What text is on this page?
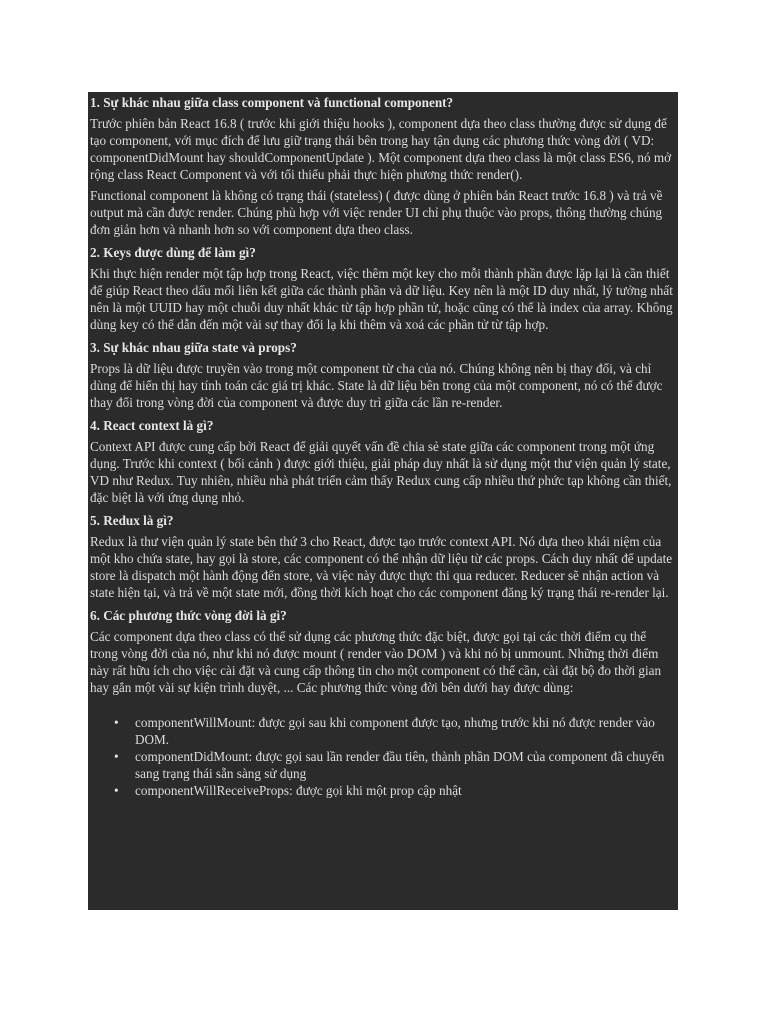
1. Sự khác nhau giữa class component và functional component?
Trước phiên bản React 16.8 ( trước khi giới thiệu hooks ), component dựa theo class thường được sử dụng để tạo component, với mục đích để lưu giữ trạng thái bên trong hay tận dụng các phương thức vòng đời ( VD: componentDidMount hay shouldComponentUpdate ). Một component dựa theo class là một class ES6, nó mở rộng class React Component và với tối thiểu phải thực hiện phương thức render().
Functional component là không có trạng thái (stateless) ( được dùng ở phiên bản React trước 16.8 ) và trả về output mà cần được render. Chúng phù hợp với việc render UI chỉ phụ thuộc vào props, thông thường chúng đơn giản hơn và nhanh hơn so với component dựa theo class.
2. Keys được dùng để làm gì?
Khi thực hiện render một tập hợp trong React, việc thêm một key cho mỗi thành phần được lặp lại là cần thiết để giúp React theo dấu mối liên kết giữa các thành phần và dữ liệu. Key nên là một ID duy nhất, lý tưởng nhất nên là một UUID hay một chuỗi duy nhất khác từ tập hợp phần tử, hoặc cũng có thể là index của array. Không dùng key có thể dẫn đến một vài sự thay đổi lạ khi thêm và xoá các phần tử từ tập hợp.
3. Sự khác nhau giữa state và props?
Props là dữ liệu được truyền vào trong một component từ cha của nó. Chúng không nên bị thay đổi, và chỉ dùng để hiển thị hay tính toán các giá trị khác. State là dữ liệu bên trong của một component, nó có thể được thay đổi trong vòng đời của component và được duy trì giữa các lần re-render.
4. React context là gì?
Context API được cung cấp bởi React để giải quyết vấn đề chia sẻ state giữa các component trong một ứng dụng. Trước khi context ( bối cảnh ) được giới thiệu, giải pháp duy nhất là sử dụng một thư viện quản lý state, VD như Redux. Tuy nhiên, nhiều nhà phát triển cảm thấy Redux cung cấp nhiều thứ phức tạp không cần thiết, đặc biệt là với ứng dụng nhỏ.
5. Redux là gì?
Redux là thư viện quản lý state bên thứ 3 cho React, được tạo trước context API. Nó dựa theo khái niệm của một kho chứa state, hay gọi là store, các component có thể nhận dữ liệu từ các props. Cách duy nhất để update store là dispatch một hành động đến store, và việc này được thực thi qua reducer. Reducer sẽ nhận action và state hiện tại, và trả về một state mới, đồng thời kích hoạt cho các component đăng ký trạng thái re-render lại.
6. Các phương thức vòng đời là gì?
Các component dựa theo class có thể sử dụng các phương thức đặc biệt, được gọi tại các thời điểm cụ thể trong vòng đời của nó, như khi nó được mount ( render vào DOM ) và khi nó bị unmount. Những thời điểm này rất hữu ích cho việc cài đặt và cung cấp thông tin cho một component có thể cần, cài đặt bộ đo thời gian hay gắn một vài sự kiện trình duyệt, ... Các phương thức vòng đời bên dưới hay được dùng:
• componentWillMount: được gọi sau khi component được tạo, nhưng trước khi nó được render vào DOM.
• componentDidMount: được gọi sau lần render đầu tiên, thành phần DOM của component đã chuyển sang trạng thái sẵn sàng sử dụng
• componentWillReceiveProps: được gọi khi một prop cập nhật
